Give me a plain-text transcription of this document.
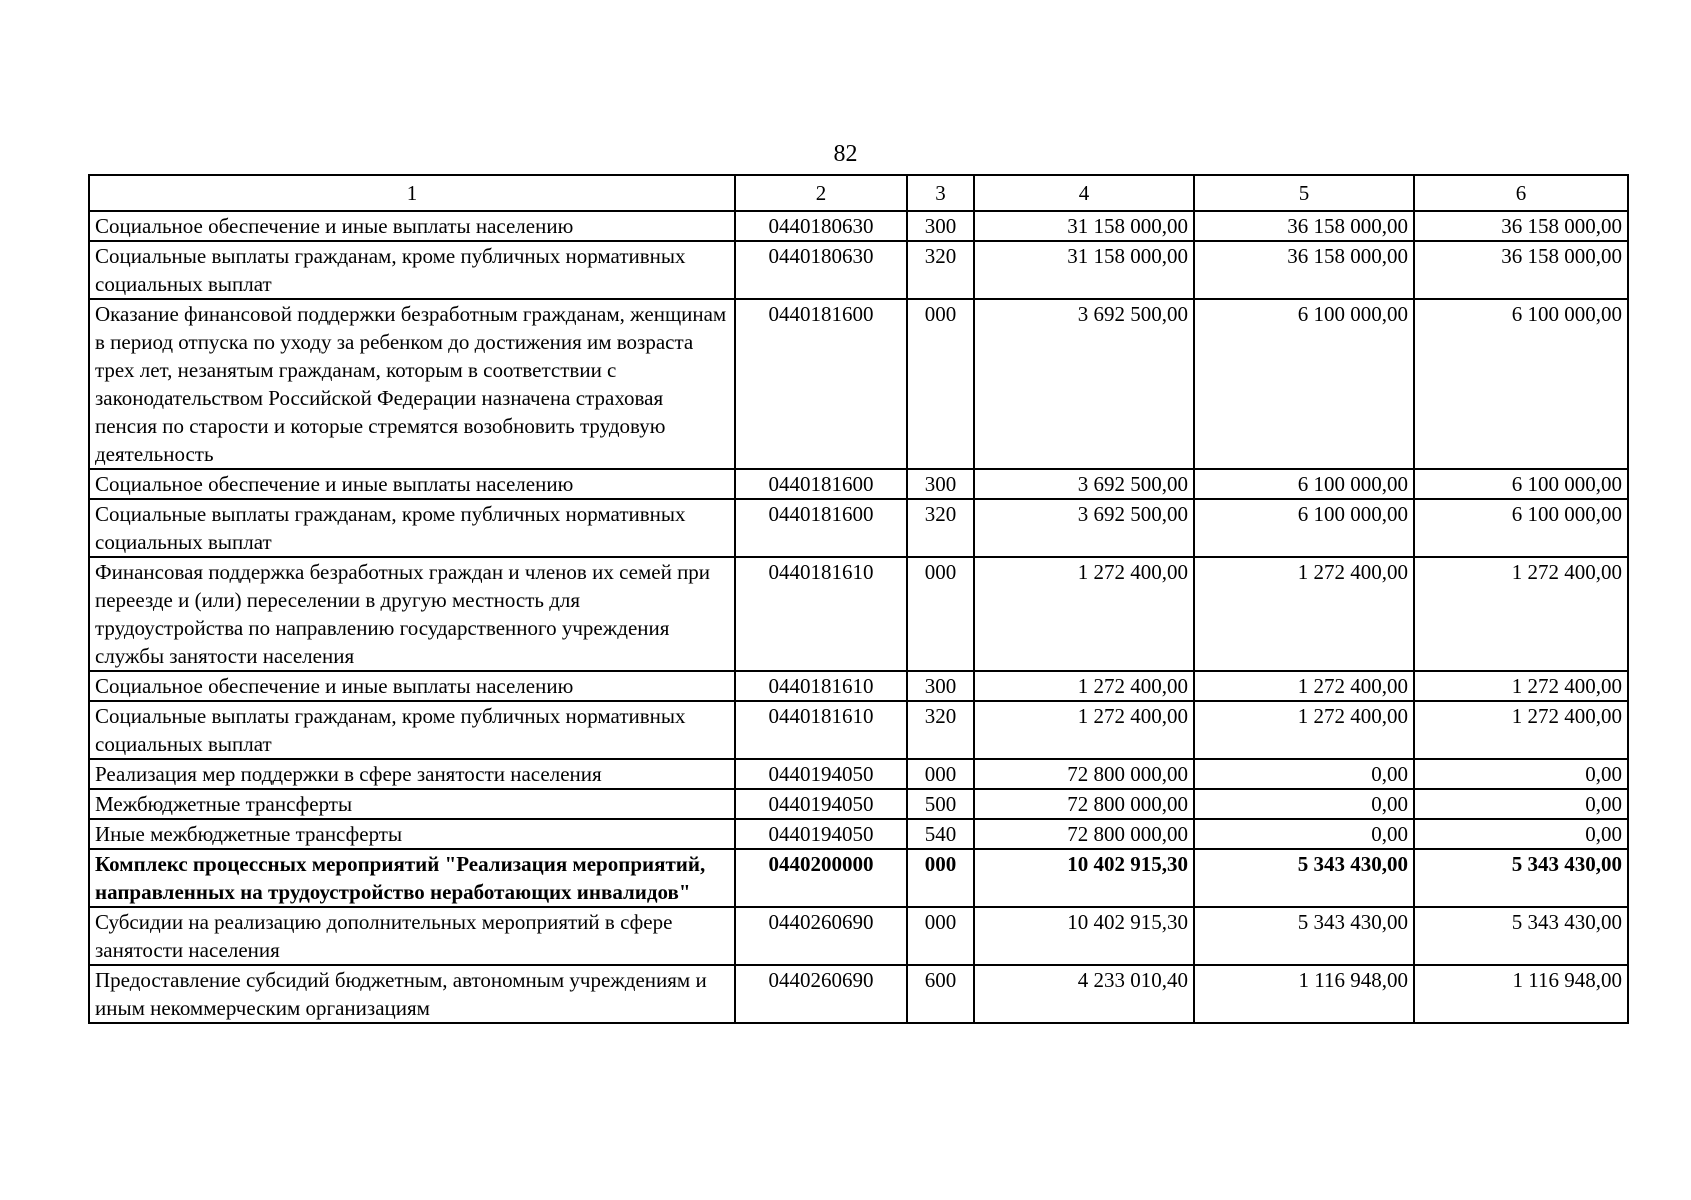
82
1	2	3	4	5	6
Социальное обеспечение и иные выплаты населению	0440180630	300	31 158 000,00	36 158 000,00	36 158 000,00
Социальные выплаты гражданам, кроме публичных нормативных социальных выплат	0440180630	320	31 158 000,00	36 158 000,00	36 158 000,00
Оказание финансовой поддержки безработным гражданам, женщинам в период отпуска по уходу за ребенком до достижения им возраста трех лет, незанятым гражданам, которым в соответствии с законодательством Российской Федерации назначена страховая пенсия по старости и которые стремятся возобновить трудовую деятельность	0440181600	000	3 692 500,00	6 100 000,00	6 100 000,00
Социальное обеспечение и иные выплаты населению	0440181600	300	3 692 500,00	6 100 000,00	6 100 000,00
Социальные выплаты гражданам, кроме публичных нормативных социальных выплат	0440181600	320	3 692 500,00	6 100 000,00	6 100 000,00
Финансовая поддержка безработных граждан и членов их семей при переезде и (или) переселении в другую местность для трудоустройства по направлению государственного учреждения службы занятости населения	0440181610	000	1 272 400,00	1 272 400,00	1 272 400,00
Социальное обеспечение и иные выплаты населению	0440181610	300	1 272 400,00	1 272 400,00	1 272 400,00
Социальные выплаты гражданам, кроме публичных нормативных социальных выплат	0440181610	320	1 272 400,00	1 272 400,00	1 272 400,00
Реализация мер поддержки в сфере занятости населения	0440194050	000	72 800 000,00	0,00	0,00
Межбюджетные трансферты	0440194050	500	72 800 000,00	0,00	0,00
Иные межбюджетные трансферты	0440194050	540	72 800 000,00	0,00	0,00
Комплекс процессных мероприятий "Реализация мероприятий, направленных на трудоустройство неработающих инвалидов"	0440200000	000	10 402 915,30	5 343 430,00	5 343 430,00
Субсидии на реализацию дополнительных мероприятий в сфере занятости населения	0440260690	000	10 402 915,30	5 343 430,00	5 343 430,00
Предоставление субсидий бюджетным, автономным учреждениям и иным некоммерческим организациям	0440260690	600	4 233 010,40	1 116 948,00	1 116 948,00
